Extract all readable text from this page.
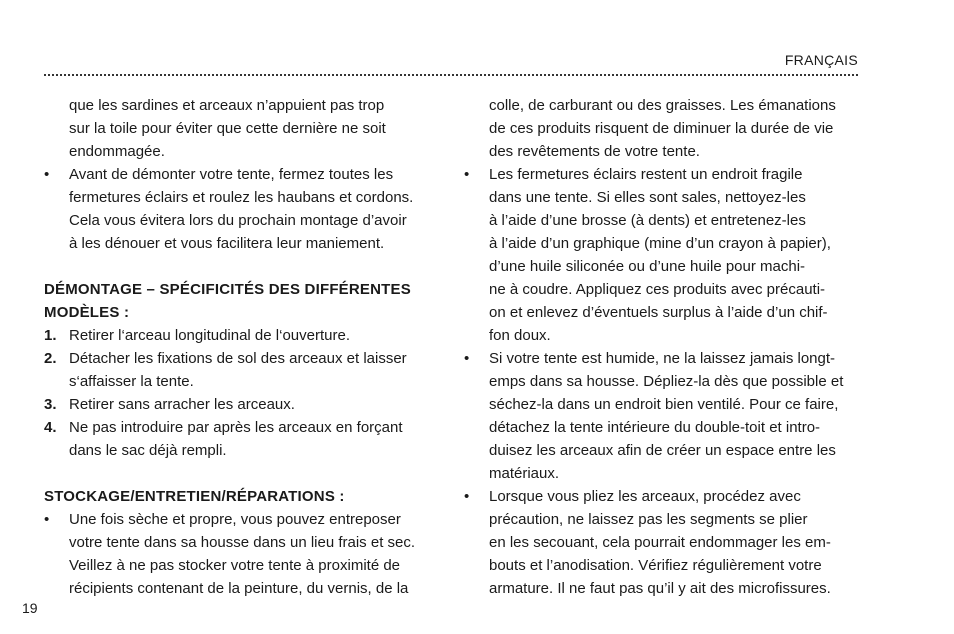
FRANÇAIS
que les sardines et arceaux n’appuient pas trop
sur la toile pour éviter que cette dernière ne soit
endommagée.
•	Avant de démonter votre tente, fermez toutes les
fermetures éclairs et roulez les haubans et cordons.
Cela vous évitera lors du prochain montage d’avoir
à les dénouer et vous facilitera leur maniement.
DÉMONTAGE – SPÉCIFICITÉS DES DIFFÉRENTES
MODÈLES :
1. Retirer l‘arceau longitudinal de l‘ouverture.
2. Détacher les fixations de sol des arceaux et laisser
s‘affaisser la tente.
3. Retirer sans arracher les arceaux.
4. Ne pas introduire par après les arceaux en forçant
dans le sac déjà rempli.
STOCKAGE/ENTRETIEN/RÉPARATIONS :
•	Une fois sèche et propre, vous pouvez entreposer
votre tente dans sa housse dans un lieu frais et sec.
Veillez à ne pas stocker votre tente à proximité de
récipients contenant de la peinture, du vernis, de la
colle, de carburant ou des graisses. Les émanations
de ces produits risquent de diminuer la durée de vie
des revêtements de votre tente.
•	Les fermetures éclairs restent un endroit fragile
dans une tente. Si elles sont sales, nettoyez-les
à l’aide d’une brosse (à dents) et entretenez-les
à l’aide d’un graphique (mine d’un crayon à papier),
d’une huile siliconée ou d’une huile pour machi-
ne à coudre. Appliquez ces produits avec précauti-
on et enlevez d’éventuels surplus à l’aide d’un chif-
fon doux.
•	Si votre tente est humide, ne la laissez jamais longt-
emps dans sa housse. Dépliez-la dès que possible et
séchez-la dans un endroit bien ventilé. Pour ce faire,
détachez la tente intérieure du double-toit et intro-
duisez les arceaux afin de créer un espace entre les
matériaux.
•	Lorsque vous pliez les arceaux, procédez avec
précaution, ne laissez pas les segments se plier
en les secouant, cela pourrait endommager les em-
bouts et l’anodisation. Vérifiez régulièrement votre
armature. Il ne faut pas qu’il y ait des microfissures.
19
